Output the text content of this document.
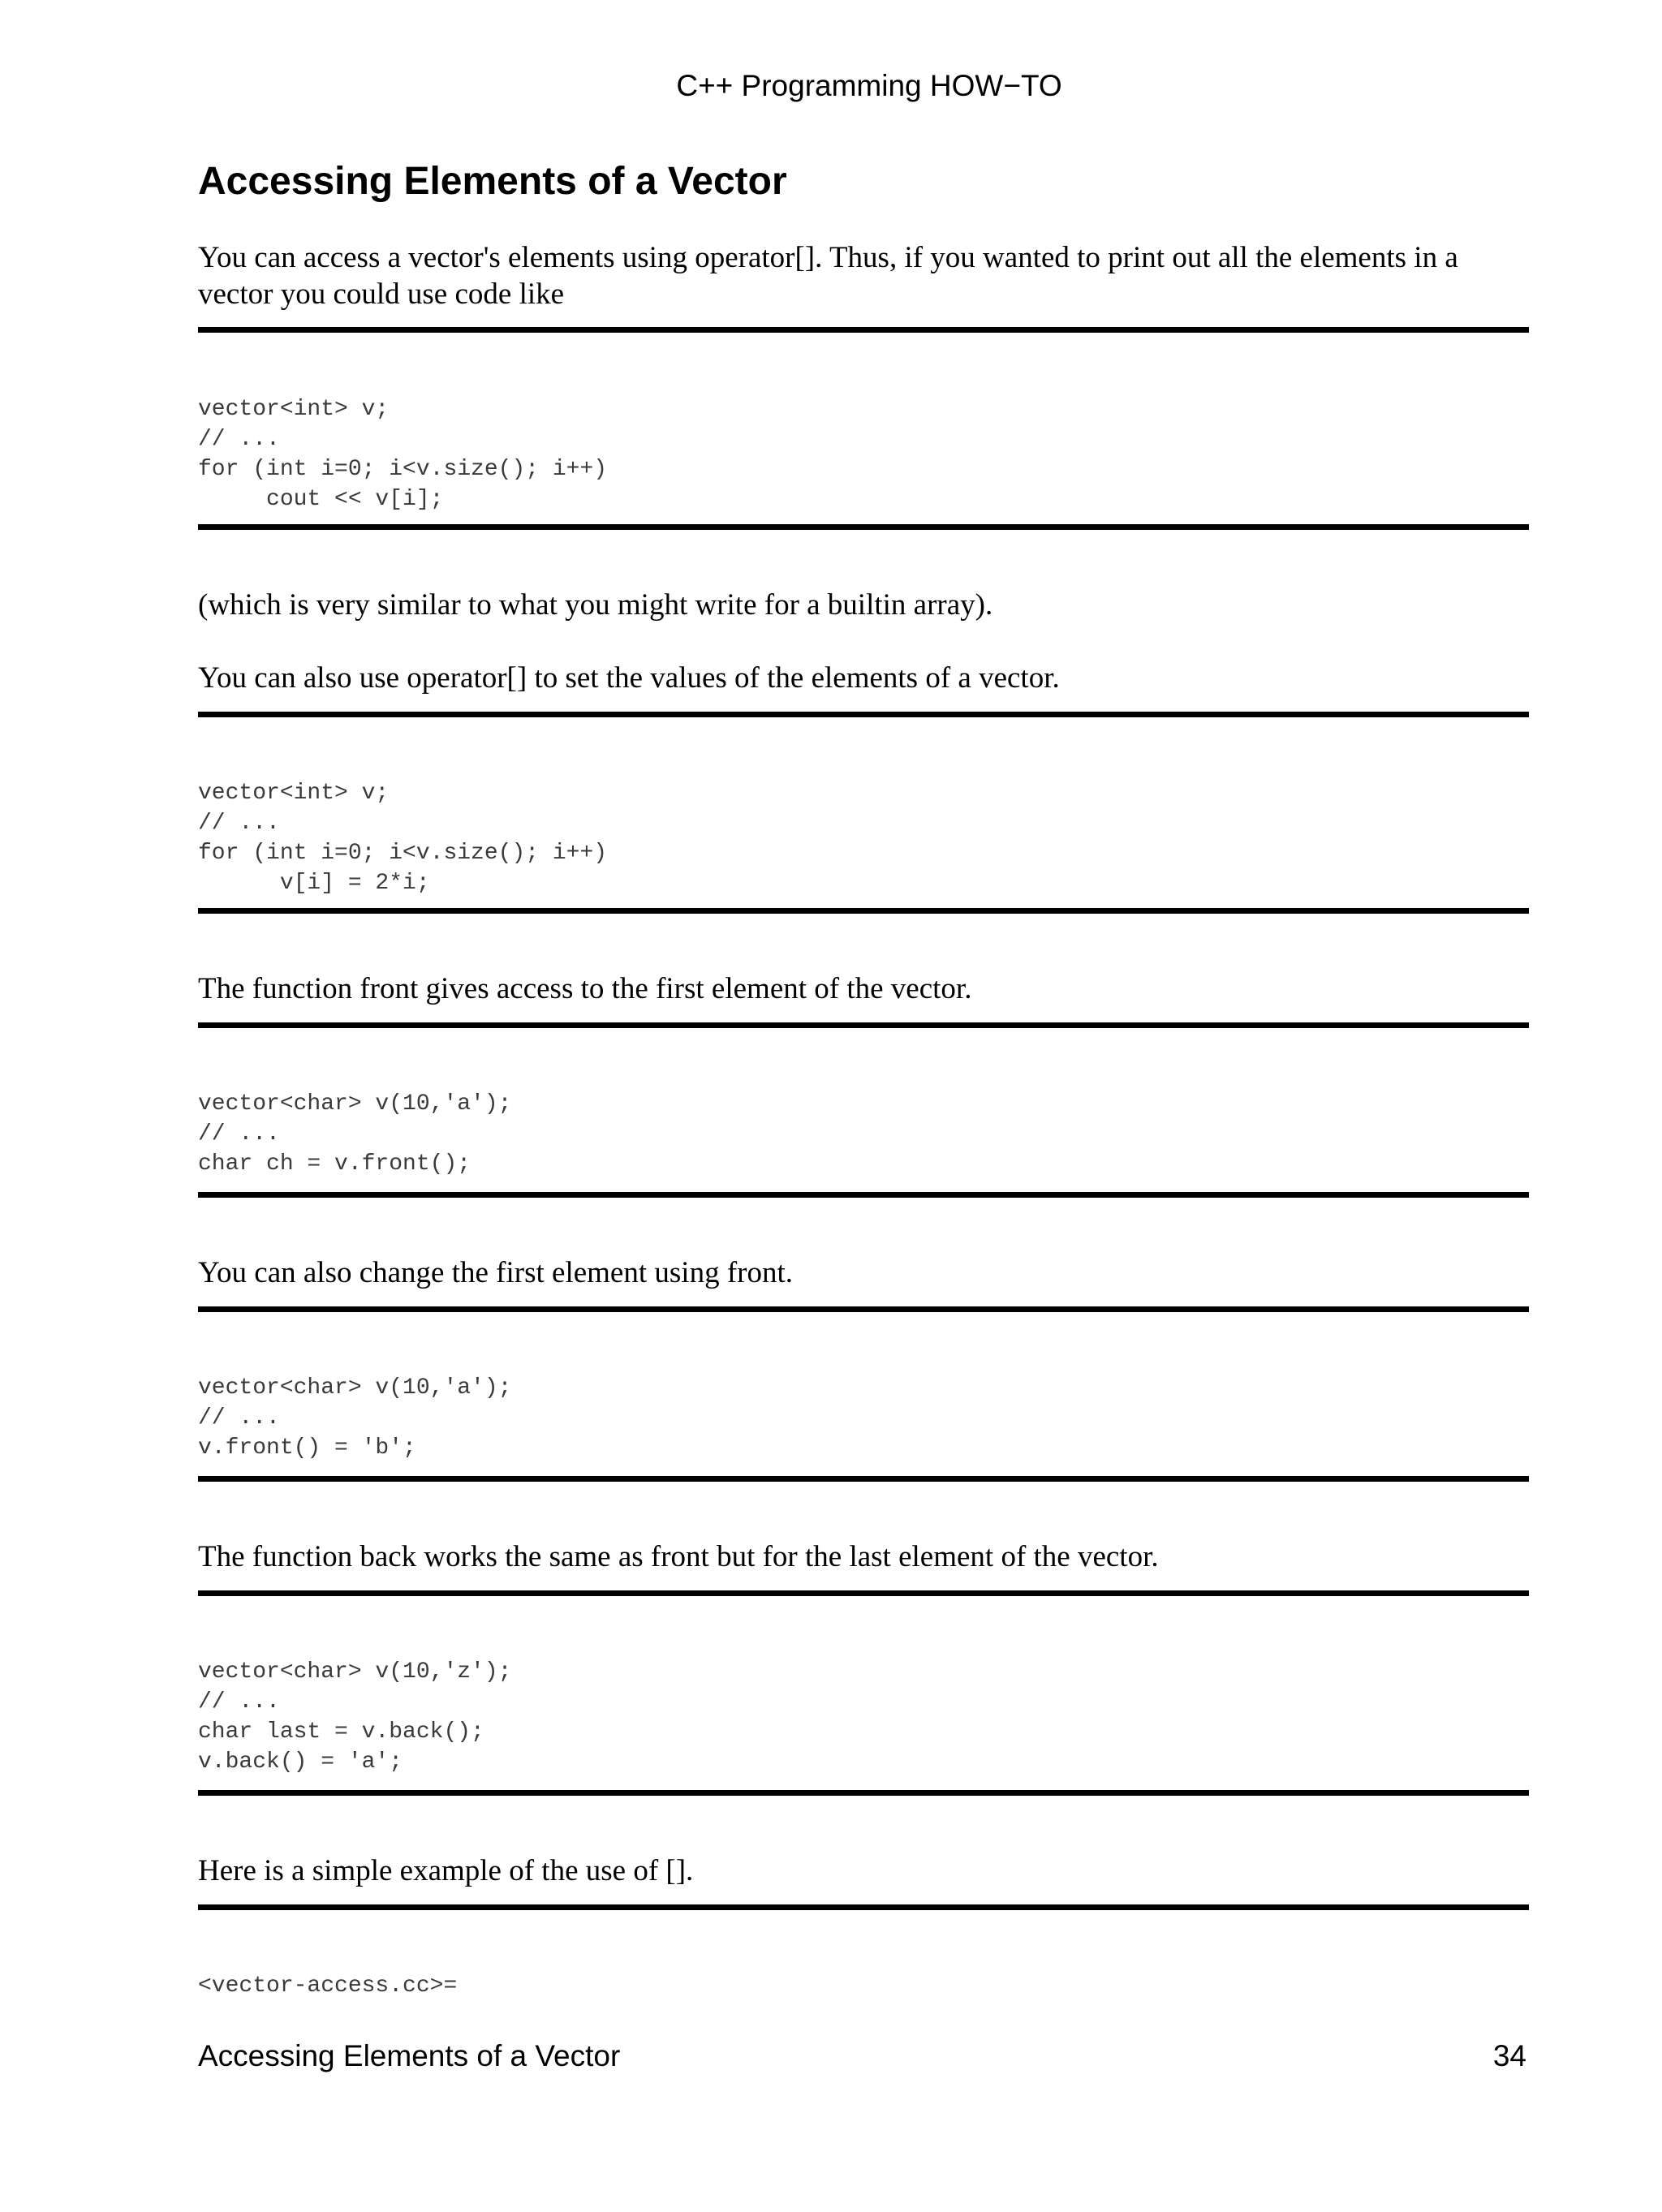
C++ Programming HOW−TO
Accessing Elements of a Vector

You can access a vector's elements using operator[]. Thus, if you wanted to print out all the elements in a vector you could use code like

vector<int> v;
// ...
for (int i=0; i<v.size(); i++)
cout << v[i];

(which is very similar to what you might write for a builtin array).

You can also use operator[] to set the values of the elements of a vector.

vector<int> v;
// ...
for (int i=0; i<v.size(); i++)
v[i] = 2*i;

The function front gives access to the first element of the vector.

vector<char> v(10,'a');
// ...
char ch = v.front();

You can also change the first element using front.

vector<char> v(10,'a');
// ...
v.front() = 'b';

The function back works the same as front but for the last element of the vector.

vector<char> v(10,'z');
// ...
char last = v.back();
v.back() = 'a';

Here is a simple example of the use of [].

<vector-access.cc>=
Accessing Elements of a Vector	34
